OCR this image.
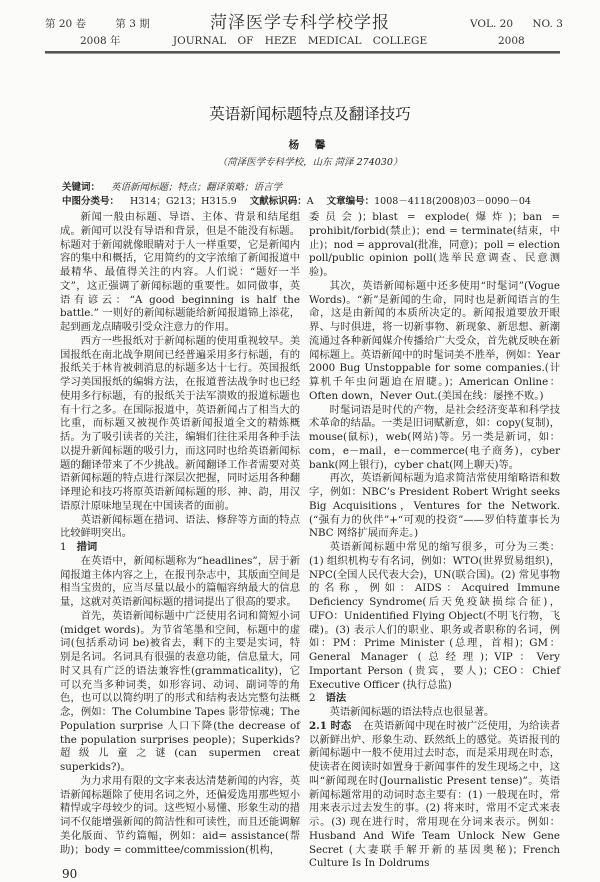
第 20 卷	第 3 期
2008 年
菏泽医学专科学校学报
JOURNAL OF HEZE MEDICAL COLLEGE
VOL. 20 NO. 3
2008
英语新闻标题特点及翻译技巧
杨 馨
（菏泽医学专科学校，山东 菏泽 274030）
关键词： 英语新闻标题；特点；翻译策略；语言学
中图分类号： H314；G213；H315.9 文献标识码：A 文章编号：1008－4118(2008)03－0090－04

新闻一般由标题、导语、主体、背景和结尾组成。新闻可以没有导语和背景，但是不能没有标题。标题对于新闻就像眼睛对于人一样重要，它是新闻内容的集中和概括，它用简约的文字浓缩了新闻报道中最精华、最值得关注的内容。人们说：“题好一半文”，这正强调了新闻标题的重要性。如同做事，英语有谚云：“A good beginning is half the battle.” 一则好的新闻标题能给新闻报道锦上添花，起到画龙点睛吸引受众注意力的作用。

西方一些报纸对于新闻标题的使用重视较早。美国报纸在南北战争期间已经普遍采用多行标题，有的报纸关于林肯被刺消息的标题多达十七行。英国报纸学习美国报纸的编辑方法，在报道普法战争时也已经使用多行标题，有的报纸关于法军溃败的报道标题也有十行之多。在国际报道中，英语新闻占了相当大的比重，而标题又被视作英语新闻报道全文的精炼概括。为了吸引读者的关注，编辑们往往采用各种手法以提升新闻标题的吸引力，而这同时也给英语新闻标题的翻译带来了不少挑战。新闻翻译工作者需要对英语新闻标题的特点进行深层次把握，同时运用各种翻译理论和技巧将原英语新闻标题的形、神、韵，用汉语原汁原味地呈现在中国读者的面前。

英语新闻标题在措词、语法、修辞等方面的特点比较鲜明突出。

1 措词

在英语中，新闻标题称为“headlines”，居于新闻报道主体内容之上，在报刊杂志中，其版面空间是相当宝贵的，应当尽量以最小的篇幅容纳最大的信息量，这就对英语新闻标题的措词提出了很高的要求。

首先，英语新闻标题中广泛使用名词和简短小词(midget words)。为节省笔墨和空间，标题中的虚词(包括系动词 be)被省去，剩下的主要是实词，特别是名词。名词具有很强的表意功能，信息量大，同时又具有广泛的语法兼容性(grammaticality)，它可以充当多种词类，如形容词、动词、副词等的角色，也可以以简约明了的形式和结构表达完整句法概念，例如：The Columbine Tapes 影带惊魂；The Population surprise 人口下降(the decrease of the population surprises people)；Superkids? 超级儿童之谜(can supermen creat superkids?)。

为力求用有限的文字来表达清楚新闻的内容，英语新闻标题除了使用名词之外，还偏爱选用那些短小精悍或字母较少的词。这些短小易懂、形象生动的措词不仅能增强新闻的简洁性和可读性，而且还能调解美化版面、节约篇幅，例如：aid= assistance(帮助)；body = committee/commission(机构，

90

委员会)；blast = explode(爆炸)；ban = prohibit/forbid(禁止)；end = terminate(结束，中止)；nod = approval(批准，同意)；poll = election poll/public opinion poll(选举民意调查、民意测验)。

其次，英语新闻标题中还多使用“时髦词”(Vogue Words)。“新”是新闻的生命，同时也是新闻语言的生命，这是由新闻的本质所决定的。新闻报道要放开眼界、与时俱进，将一切新事物、新现象、新思想、新潮流通过各种新闻媒介传播给广大受众，首先就反映在新闻标题上。英语新闻中的时髦词美不胜举，例如：Year 2000 Bug Unstoppable for some companies.(计算机千年虫问题迫在眉睫。)；American Online：Often down，Never Out.(美国在线：屡挫不败。)

时髦词语是时代的产物，是社会经济变革和科学技术革命的结晶。一类是旧词赋新意，如：copy(复制)，mouse(鼠标)，web(网站)等。另一类是新词，如：com，e－mail，e－commerce(电子商务)，cyber bank(网上银行)，cyber chat(网上聊天)等。

再次，英语新闻标题为追求简洁常使用缩略语和数字，例如：NBC’s President Robert Wright seeks Big Acquisitions，Ventures for the Network.(“强有力的伙伴”+“可观的投资”——罗伯特董事长为 NBC 网络扩展而奔走。)

英语新闻标题中常见的缩写很多，可分为三类：(1) 组织机构专有名词，例如：WTO(世界贸易组织)，NPC(全国人民代表大会)，UN(联合国)。(2) 常见事物的名称，例如：AIDS：Acquired Immune Deficiency Syndrome(后天免疫缺损综合征)，UFO：Unidentified Flying Object(不明飞行物，飞碟)。(3) 表示人们的职业、职务或者职称的名词，例如：PM：Prime Minister (总理，首相)；GM：General Manager (总经理)；VIP：Very Important Person (贵宾，要人)；CEO：Chief Executive Officer (执行总监)

2 语法

英语新闻标题的语法特点也很显著。

2.1 时态 在英语新闻中现在时被广泛使用，为给读者以新鲜出炉、形象生动、跃然纸上的感觉。英语报刊的新闻标题中一般不使用过去时态，而是采用现在时态，使读者在阅读时如置身于新闻事件的发生现场之中，这叫“新闻现在时(Journalistic Present tense)”。英语新闻标题常用的动词时态主要有：(1) 一般现在时，常用来表示过去发生的事。(2) 将来时，常用不定式来表示。(3) 现在进行时，常用现在分词来表示。例如：Husband And Wife Team Unlock New Gene Secret (大妻联手解开新的基因奥秘)；French Culture Is In Doldrums
